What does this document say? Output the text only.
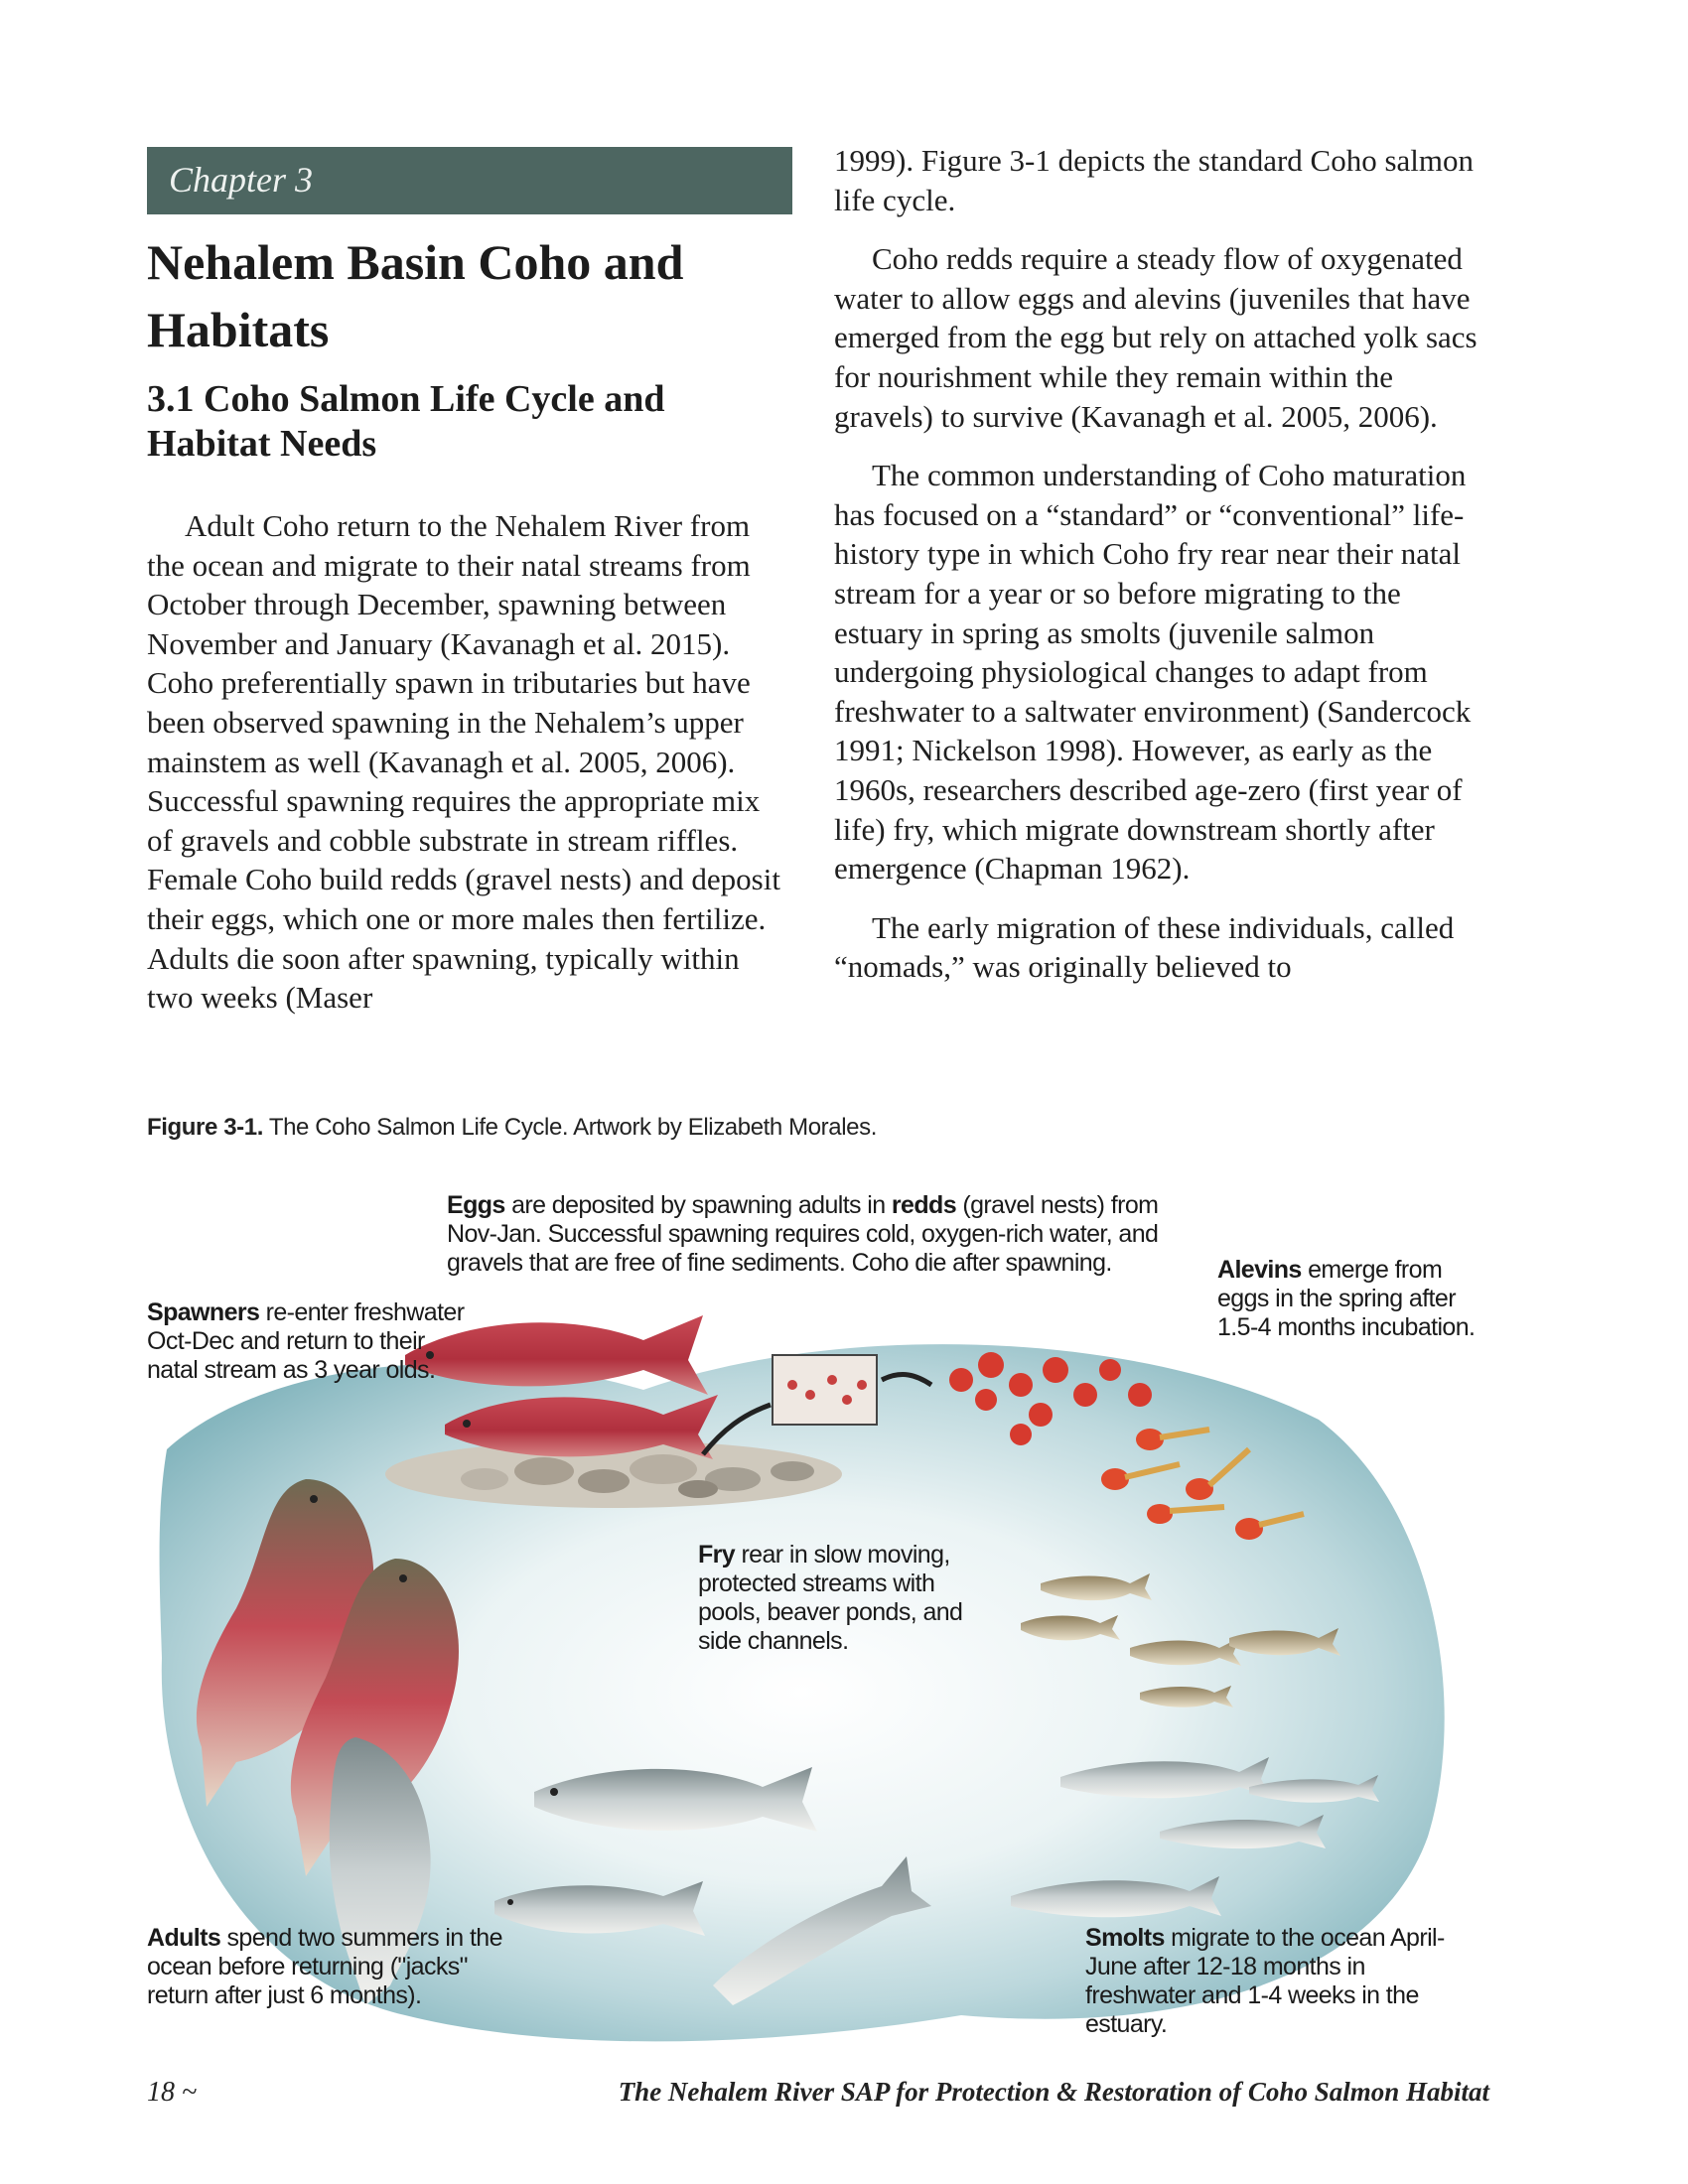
Chapter 3
Nehalem Basin Coho and Habitats
3.1 Coho Salmon Life Cycle and Habitat Needs

Adult Coho return to the Nehalem River from the ocean and migrate to their natal streams from October through December, spawning between November and January (Kavanagh et al. 2015). Coho preferentially spawn in tributaries but have been observed spawning in the Nehalem’s upper mainstem as well (Kavanagh et al. 2005, 2006). Successful spawning requires the appropriate mix of gravels and cobble substrate in stream riffles. Female Coho build redds (gravel nests) and deposit their eggs, which one or more males then fertilize. Adults die soon after spawning, typically within two weeks (Maser

1999). Figure 3-1 depicts the standard Coho salmon life cycle.

Coho redds require a steady flow of oxygenated water to allow eggs and alevins (juveniles that have emerged from the egg but rely on attached yolk sacs for nourishment while they remain within the gravels) to survive (Kavanagh et al. 2005, 2006).

The common understanding of Coho maturation has focused on a “standard” or “conventional” life-history type in which Coho fry rear near their natal stream for a year or so before migrating to the estuary in spring as smolts (juvenile salmon undergoing physiological changes to adapt from freshwater to a saltwater environment) (Sandercock 1991; Nickelson 1998). However, as early as the 1960s, researchers described age-zero (first year of life) fry, which migrate downstream shortly after emergence (Chapman 1962).

The early migration of these individuals, called “nomads,” was originally believed to

Figure 3-1. The Coho Salmon Life Cycle. Artwork by Elizabeth Morales.
Eggs are deposited by spawning adults in redds (gravel nests) from Nov-Jan. Successful spawning requires cold, oxygen-rich water, and gravels that are free of fine sediments. Coho die after spawning.	Alevins emerge from eggs in the spring after 1.5-4 months incubation.
Spawners re-enter freshwater Oct-Dec and return to their natal stream as 3 year olds.
Fry rear in slow moving, protected streams with pools, beaver ponds, and side channels.
Adults spend two summers in the ocean before returning ("jacks" return after just 6 months).
Smolts migrate to the ocean April-June after 12-18 months in freshwater and 1-4 weeks in the estuary.
18 ~	The Nehalem River SAP for Protection & Restoration of Coho Salmon Habitat
